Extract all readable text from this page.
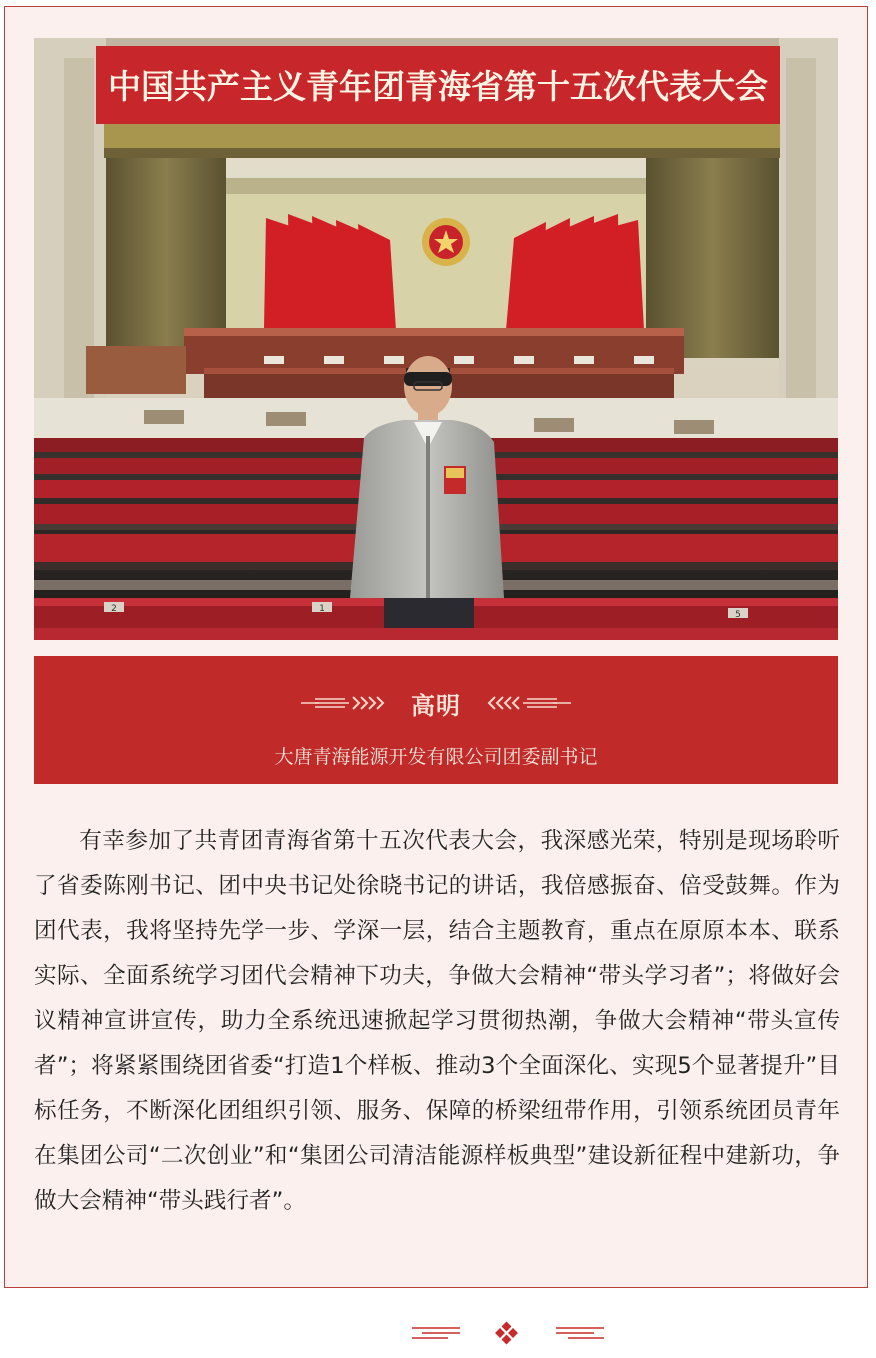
中国共产主义青年团青海省第十五次代表大会
2	1
5
高明
大唐青海能源开发有限公司团委副书记

有幸参加了共青团青海省第十五次代表大会，我深感光荣，特别是现场聆听了省委陈刚书记、团中央书记处徐晓书记的讲话，我倍感振奋、倍受鼓舞。作为团代表，我将坚持先学一步、学深一层，结合主题教育，重点在原原本本、联系实际、全面系统学习团代会精神下功夫，争做大会精神“带头学习者”；将做好会议精神宣讲宣传，助力全系统迅速掀起学习贯彻热潮，争做大会精神“带头宣传者”；将紧紧围绕团省委“打造1个样板、推动3个全面深化、实现5个显著提升”目标任务，不断深化团组织引领、服务、保障的桥梁纽带作用，引领系统团员青年在集团公司“二次创业”和“集团公司清洁能源样板典型”建设新征程中建新功，争做大会精神“带头践行者”。
